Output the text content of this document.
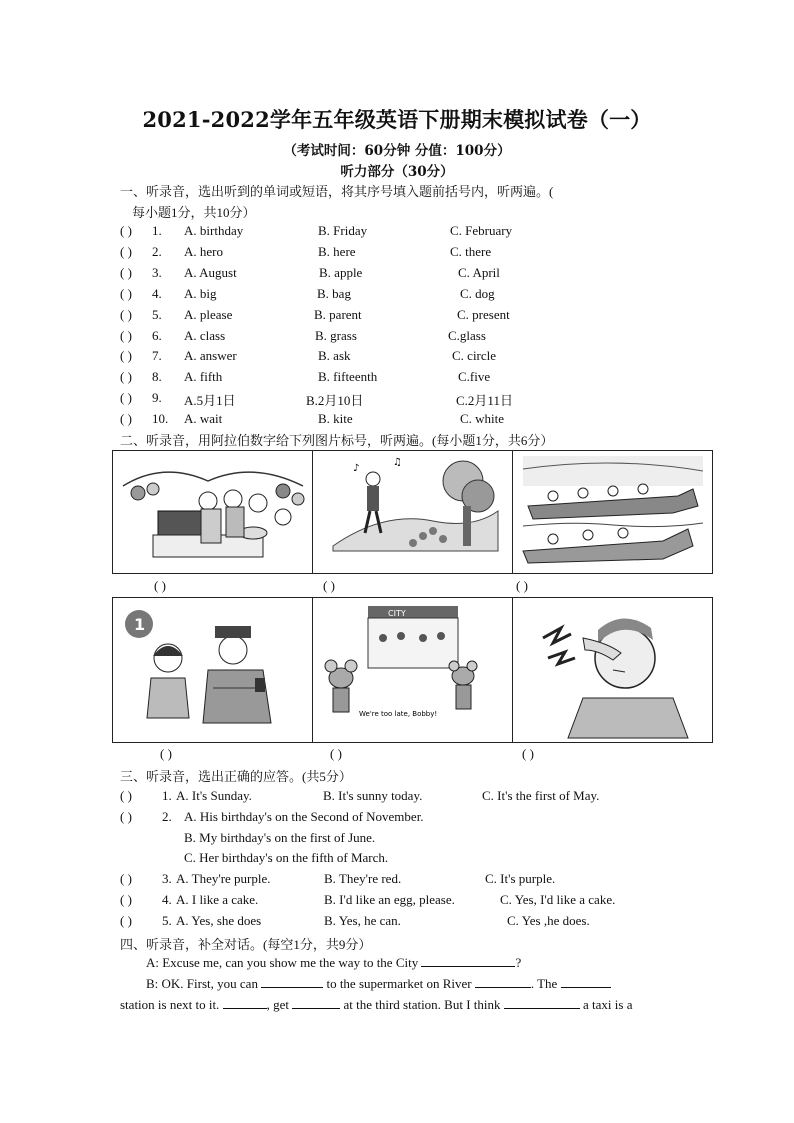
2021-2022学年五年级英语下册期末模拟试卷（一）
（考试时间：60分钟 分值：100分）
听力部分（30分）
一、听录音，选出听到的单词或短语，将其序号填入题前括号内，听两遍。(
每小题1分，共10分）
( ) 1. A. birthday	B. Friday	C. February
( ) 2. A. hero	B. here	C. there
( ) 3. A. August	B. apple	C. April
( ) 4. A. big	B. bag	C. dog
( ) 5. A. please	B. parent	C. present
( ) 6. A. class	B. grass	C.glass
( ) 7. A. answer	B. ask	C. circle
( ) 8. A. fifth	B. fifteenth	C.five
( ) 9. A.5月1日	B.2月10日	C.2月11日
( ) 10. A. wait	B. kite	C. white
二、听录音，用阿拉伯数字给下列图片标号，听两遍。(每小题1分，共6分）
♪
♫
( )	( )	( )
1
CITY
We're too late, Bobby!
( )	( )	( )
三、听录音，选出正确的应答。(共5分）
( ) 1. A. It's Sunday.	B. It's sunny today.	C. It's the first of May.
( ) 2. A. His birthday's on the Second of November.
B. My birthday's on the first of June.
C. Her birthday's on the fifth of March.
( ) 3. A. They're purple.	B. They're red.	C. It's purple.
( ) 4. A. I like a cake.	B. I'd like an egg, please.	C. Yes, I'd like a cake.
( ) 5. A. Yes, she does	B. Yes, he can.	C. Yes ,he does.
四、听录音，补全对话。(每空1分，共9分）
A: Excuse me, can you show me the way to the City	?
B: OK. First, you can	to the supermarket on River	. The
station is next to it.	, get	at the third station. But I think	a taxi is a
